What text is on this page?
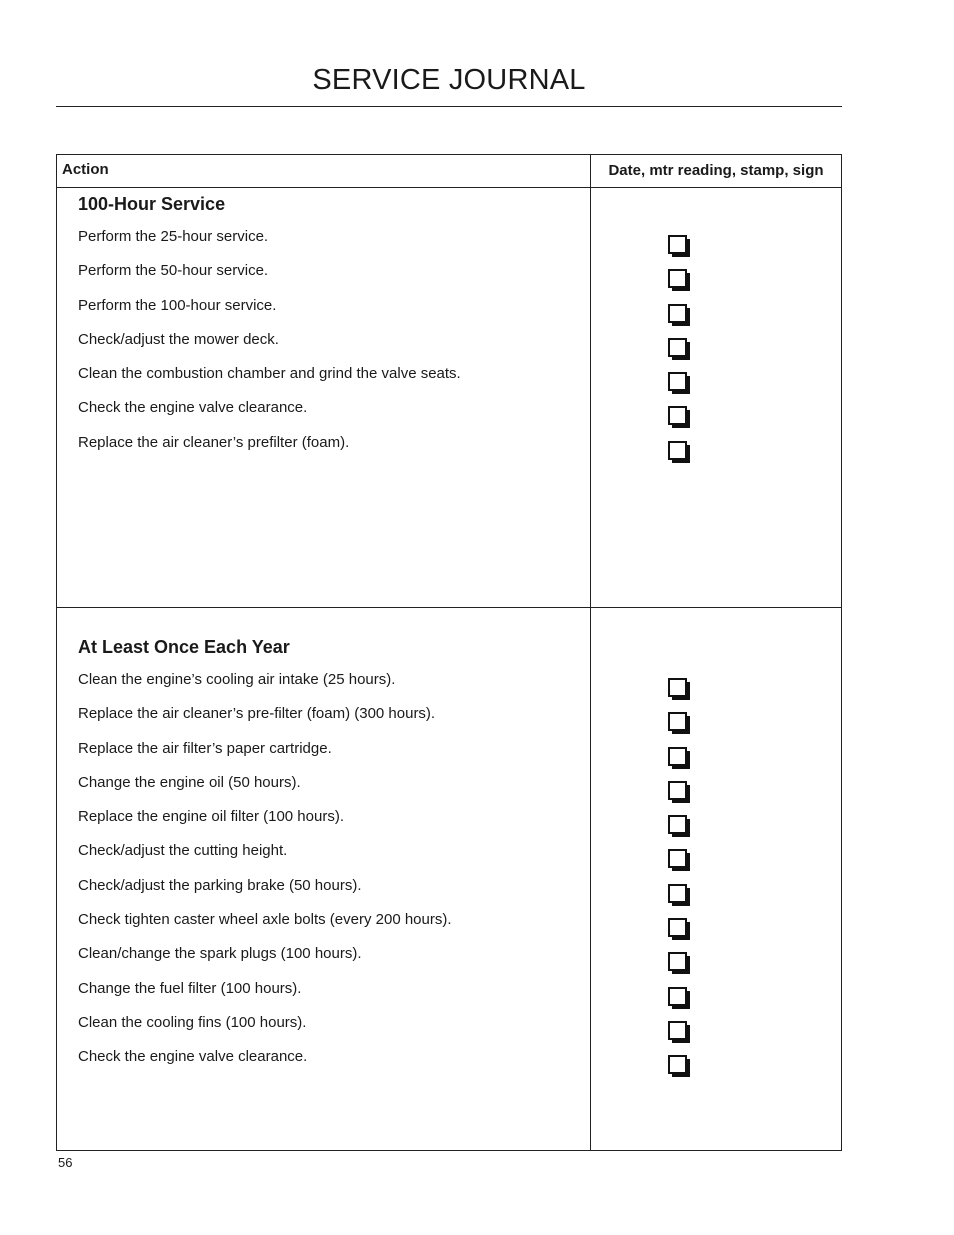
SERVICE JOURNAL
Action	Date, mtr reading, stamp, sign
100-Hour Service
Perform the 25-hour service.
Perform the 50-hour service.
Perform the 100-hour service.
Check/adjust the mower deck.
Clean the combustion chamber and grind the valve seats.
Check the engine valve clearance.
Replace the air cleaner’s prefilter (foam).
At Least Once Each Year
Clean the engine’s cooling air intake (25 hours).
Replace the air cleaner’s pre-filter (foam) (300 hours).
Replace the air filter’s paper cartridge.
Change the engine oil (50 hours).
Replace the engine oil filter (100 hours).
Check/adjust the cutting height.
Check/adjust the parking brake (50 hours).
Check tighten caster wheel axle bolts (every 200 hours).
Clean/change the spark plugs (100 hours).
Change the fuel filter (100 hours).
Clean the cooling fins (100 hours).
Check the engine valve clearance.
56
